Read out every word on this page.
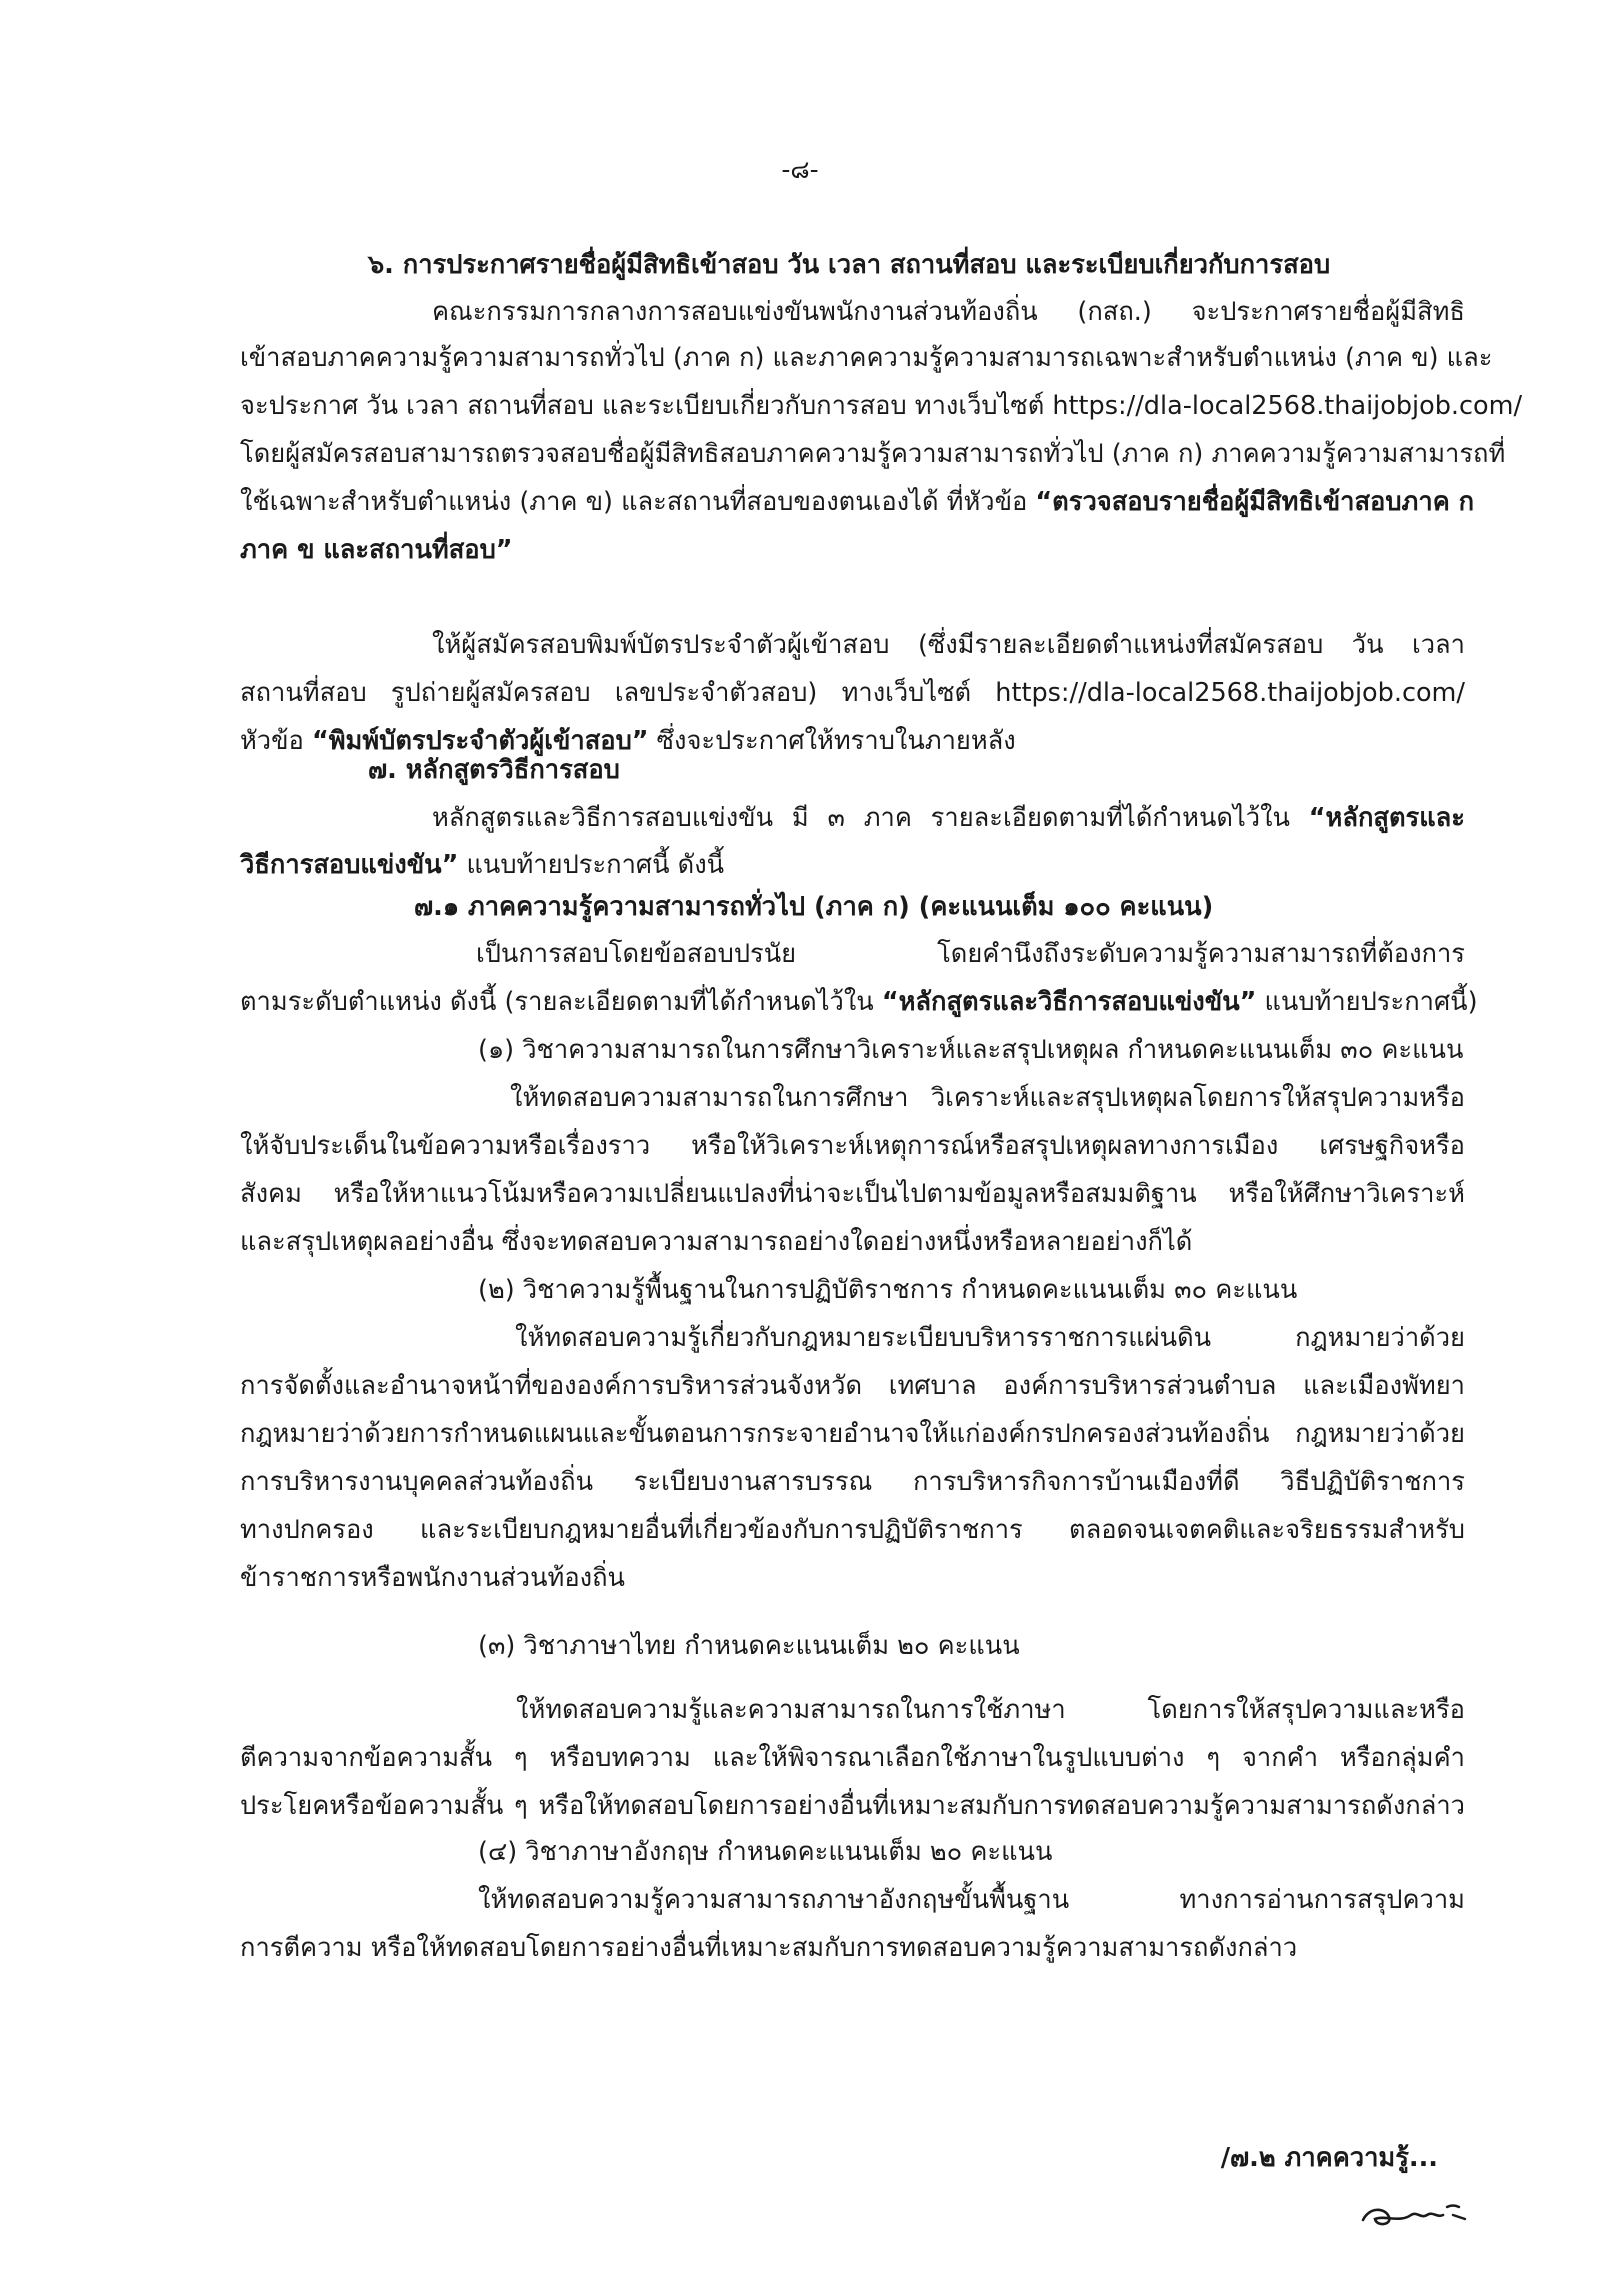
-๘-
๖. การประกาศรายชื่อผู้มีสิทธิเข้าสอบ วัน เวลา สถานที่สอบ และระเบียบเกี่ยวกับการสอบ
คณะกรรมการกลางการสอบแข่งขันพนักงานส่วนท้องถิ่น (กสถ.) จะประกาศรายชื่อผู้มีสิทธิ
เข้าสอบภาคความรู้ความสามารถทั่วไป (ภาค ก) และภาคความรู้ความสามารถเฉพาะสำหรับตำแหน่ง (ภาค ข) และ
จะประกาศ วัน เวลา สถานที่สอบ และระเบียบเกี่ยวกับการสอบ ทางเว็บไซต์ https://dla-local2568.thaijobjob.com/
โดยผู้สมัครสอบสามารถตรวจสอบชื่อผู้มีสิทธิสอบภาคความรู้ความสามารถทั่วไป (ภาค ก) ภาคความรู้ความสามารถที่
ใช้เฉพาะสำหรับตำแหน่ง (ภาค ข) และสถานที่สอบของตนเองได้ ที่หัวข้อ “ตรวจสอบรายชื่อผู้มีสิทธิเข้าสอบภาค ก
ภาค ข และสถานที่สอบ”
ให้ผู้สมัครสอบพิมพ์บัตรประจำตัวผู้เข้าสอบ (ซึ่งมีรายละเอียดตำแหน่งที่สมัครสอบ วัน เวลา
สถานที่สอบ รูปถ่ายผู้สมัครสอบ เลขประจำตัวสอบ) ทางเว็บไซต์ https://dla-local2568.thaijobjob.com/
หัวข้อ “พิมพ์บัตรประจำตัวผู้เข้าสอบ” ซึ่งจะประกาศให้ทราบในภายหลัง
๗. หลักสูตรวิธีการสอบ
หลักสูตรและวิธีการสอบแข่งขัน มี ๓ ภาค รายละเอียดตามที่ได้กำหนดไว้ใน “หลักสูตรและ
วิธีการสอบแข่งขัน” แนบท้ายประกาศนี้ ดังนี้
๗.๑ ภาคความรู้ความสามารถทั่วไป (ภาค ก) (คะแนนเต็ม ๑๐๐ คะแนน)
เป็นการสอบโดยข้อสอบปรนัย โดยคำนึงถึงระดับความรู้ความสามารถที่ต้องการ
ตามระดับตำแหน่ง ดังนี้ (รายละเอียดตามที่ได้กำหนดไว้ใน “หลักสูตรและวิธีการสอบแข่งขัน” แนบท้ายประกาศนี้)
(๑) วิชาความสามารถในการศึกษาวิเคราะห์และสรุปเหตุผล กำหนดคะแนนเต็ม ๓๐ คะแนน
ให้ทดสอบความสามารถในการศึกษา วิเคราะห์และสรุปเหตุผลโดยการให้สรุปความหรือ
ให้จับประเด็นในข้อความหรือเรื่องราว หรือให้วิเคราะห์เหตุการณ์หรือสรุปเหตุผลทางการเมือง เศรษฐกิจหรือ
สังคม หรือให้หาแนวโน้มหรือความเปลี่ยนแปลงที่น่าจะเป็นไปตามข้อมูลหรือสมมติฐาน หรือให้ศึกษาวิเคราะห์
และสรุปเหตุผลอย่างอื่น ซึ่งจะทดสอบความสามารถอย่างใดอย่างหนึ่งหรือหลายอย่างก็ได้
(๒) วิชาความรู้พื้นฐานในการปฏิบัติราชการ กำหนดคะแนนเต็ม ๓๐ คะแนน
ให้ทดสอบความรู้เกี่ยวกับกฎหมายระเบียบบริหารราชการแผ่นดิน กฎหมายว่าด้วย
การจัดตั้งและอำนาจหน้าที่ขององค์การบริหารส่วนจังหวัด เทศบาล องค์การบริหารส่วนตำบล และเมืองพัทยา
กฎหมายว่าด้วยการกำหนดแผนและขั้นตอนการกระจายอำนาจให้แก่องค์กรปกครองส่วนท้องถิ่น กฎหมายว่าด้วย
การบริหารงานบุคคลส่วนท้องถิ่น ระเบียบงานสารบรรณ การบริหารกิจการบ้านเมืองที่ดี วิธีปฏิบัติราชการ
ทางปกครอง และระเบียบกฎหมายอื่นที่เกี่ยวข้องกับการปฏิบัติราชการ ตลอดจนเจตคติและจริยธรรมสำหรับ
ข้าราชการหรือพนักงานส่วนท้องถิ่น
(๓) วิชาภาษาไทย กำหนดคะแนนเต็ม ๒๐ คะแนน
ให้ทดสอบความรู้และความสามารถในการใช้ภาษา โดยการให้สรุปความและหรือ
ตีความจากข้อความสั้น ๆ หรือบทความ และให้พิจารณาเลือกใช้ภาษาในรูปแบบต่าง ๆ จากคำ หรือกลุ่มคำ
ประโยคหรือข้อความสั้น ๆ หรือให้ทดสอบโดยการอย่างอื่นที่เหมาะสมกับการทดสอบความรู้ความสามารถดังกล่าว
(๔) วิชาภาษาอังกฤษ กำหนดคะแนนเต็ม ๒๐ คะแนน
ให้ทดสอบความรู้ความสามารถภาษาอังกฤษขั้นพื้นฐาน ทางการอ่านการสรุปความ
การตีความ หรือให้ทดสอบโดยการอย่างอื่นที่เหมาะสมกับการทดสอบความรู้ความสามารถดังกล่าว
/๗.๒ ภาคความรู้...
